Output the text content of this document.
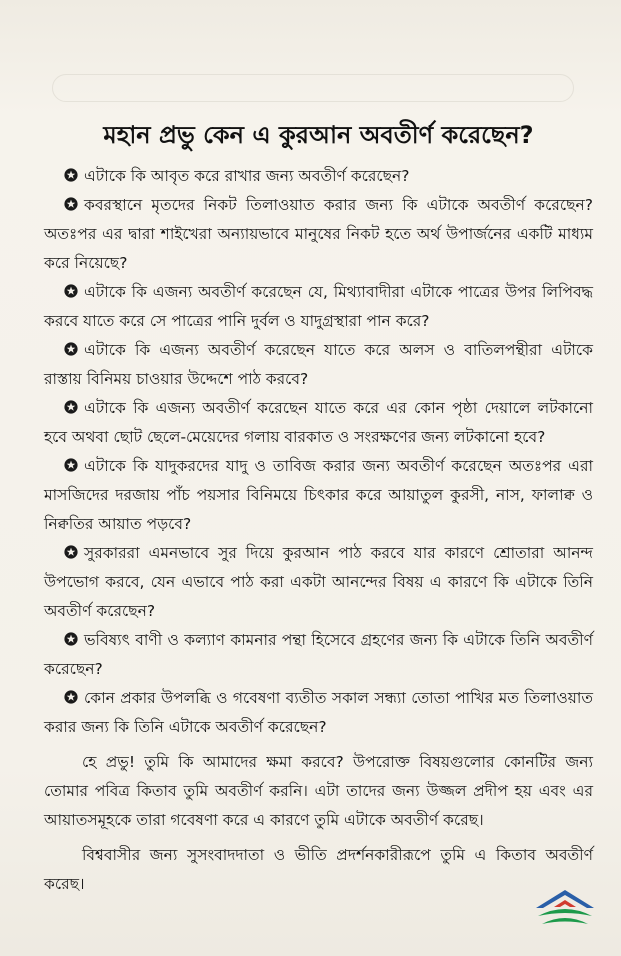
মহান প্রভু কেন এ কুরআন অবতীর্ণ করেছেন?

এটাকে কি আবৃত করে রাখার জন্য অবতীর্ণ করেছেন?

কবরস্থানে মৃতদের নিকট তিলাওয়াত করার জন্য কি এটাকে অবতীর্ণ করেছেন? অতঃপর এর দ্বারা শাইখেরা অন্যায়ভাবে মানুষের নিকট হতে অর্থ উপার্জনের একটি মাধ্যম করে নিয়েছে?

এটাকে কি এজন্য অবতীর্ণ করেছেন যে, মিথ্যাবাদীরা এটাকে পাত্রের উপর লিপিবদ্ধ করবে যাতে করে সে পাত্রের পানি দুর্বল ও যাদুগ্রস্থারা পান করে?

এটাকে কি এজন্য অবতীর্ণ করেছেন যাতে করে অলস ও বাতিলপন্থীরা এটাকে রাস্তায় বিনিময় চাওয়ার উদ্দেশে পাঠ করবে?

এটাকে কি এজন্য অবতীর্ণ করেছেন যাতে করে এর কোন পৃষ্ঠা দেয়ালে লটকানো হবে অথবা ছোট ছেলে-মেয়েদের গলায় বারকাত ও সংরক্ষণের জন্য লটকানো হবে?

এটাকে কি যাদুকরদের যাদু ও তাবিজ করার জন্য অবতীর্ণ করেছেন অতঃপর এরা মাসজিদের দরজায় পাঁচ পয়সার বিনিময়ে চিৎকার করে আয়াতুল কুরসী, নাস, ফালাক্ব ও নিক্বতির আয়াত পড়বে?

সুরকাররা এমনভাবে সুর দিয়ে কুরআন পাঠ করবে যার কারণে শ্রোতারা আনন্দ উপভোগ করবে, যেন এভাবে পাঠ করা একটা আনন্দের বিষয় এ কারণে কি এটাকে তিনি অবতীর্ণ করেছেন?

ভবিষ্যৎ বাণী ও কল্যাণ কামনার পন্থা হিসেবে গ্রহণের জন্য কি এটাকে তিনি অবতীর্ণ করেছেন?

কোন প্রকার উপলব্ধি ও গবেষণা ব্যতীত সকাল সন্ধ্যা তোতা পাখির মত তিলাওয়াত করার জন্য কি তিনি এটাকে অবতীর্ণ করেছেন?

হে প্রভু! তুমি কি আমাদের ক্ষমা করবে? উপরোক্ত বিষয়গুলোর কোনটির জন্য তোমার পবিত্র কিতাব তুমি অবতীর্ণ করনি। এটা তাদের জন্য উজ্জল প্রদীপ হয় এবং এর আয়াতসমূহকে তারা গবেষণা করে এ কারণে তুমি এটাকে অবতীর্ণ করেছ।

বিশ্ববাসীর জন্য সুসংবাদদাতা ও ভীতি প্রদর্শনকারীরূপে তুমি এ কিতাব অবতীর্ণ করেছ।
